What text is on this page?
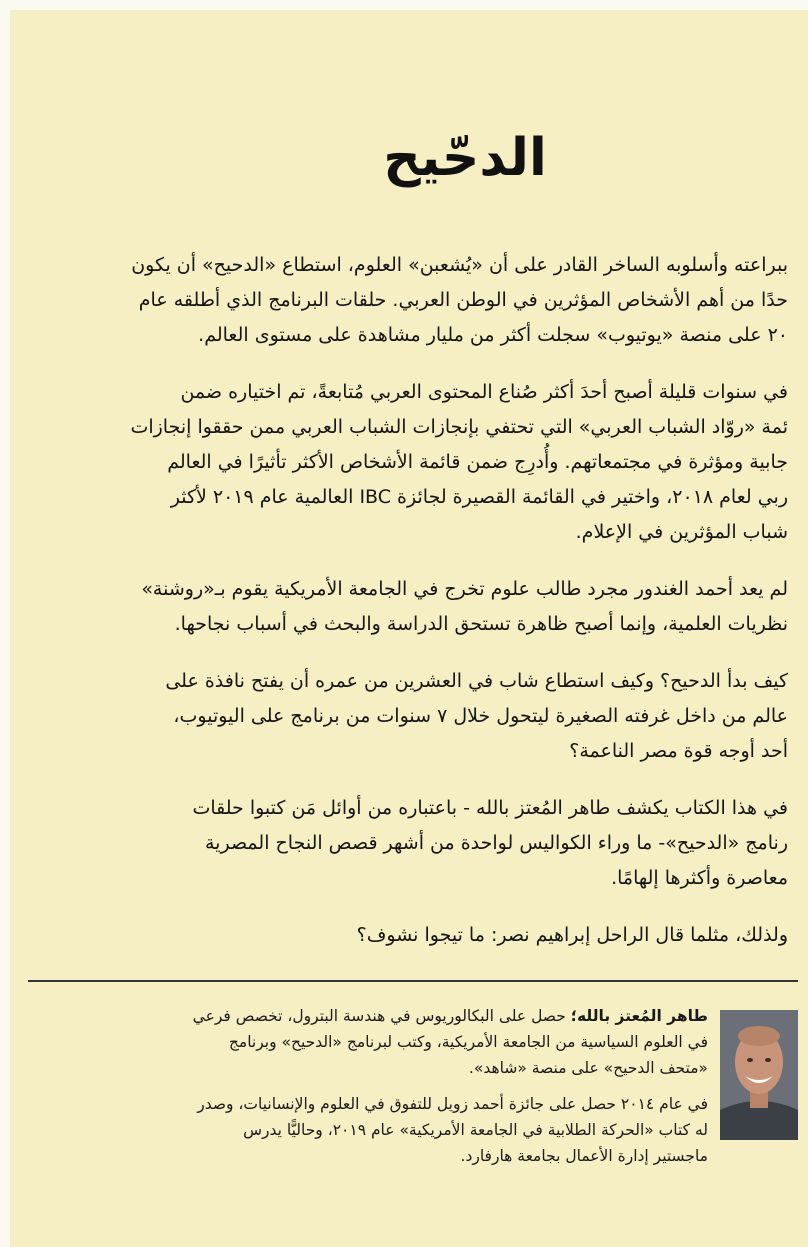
الدحّيح

ببراعته وأسلوبه الساخر القادر على أن «يُشعبن» العلوم، استطاع «الدحيح» أن يكون
حدًا من أهم الأشخاص المؤثرين في الوطن العربي. حلقات البرنامج الذي أطلقه عام
٢٠ على منصة «يوتيوب» سجلت أكثر من مليار مشاهدة على مستوى العالم.

في سنوات قليلة أصبح أحدَ أكثر صُناع المحتوى العربي مُتابعةً، تم اختياره ضمن
ئمة «روّاد الشباب العربي» التي تحتفي بإنجازات الشباب العربي ممن حققوا إنجازات
جابية ومؤثرة في مجتمعاتهم. وأُدرِج ضمن قائمة الأشخاص الأكثر تأثيرًا في العالم
ربي لعام ٢٠١٨، واختير في القائمة القصيرة لجائزة IBC العالمية عام ٢٠١٩ لأكثر
شباب المؤثرين في الإعلام.

لم يعد أحمد الغندور مجرد طالب علوم تخرج في الجامعة الأمريكية يقوم بـ«روشنة»
نظريات العلمية، وإنما أصبح ظاهرة تستحق الدراسة والبحث في أسباب نجاحها.

كيف بدأ الدحيح؟ وكيف استطاع شاب في العشرين من عمره أن يفتح نافذة على
عالم من داخل غرفته الصغيرة ليتحول خلال ٧ سنوات من برنامج على اليوتيوب،
أحد أوجه قوة مصر الناعمة؟

في هذا الكتاب يكشف طاهر المُعتز بالله - باعتباره من أوائل مَن كتبوا حلقات
رنامج «الدحيح»- ما وراء الكواليس لواحدة من أشهر قصص النجاح المصرية
معاصرة وأكثرها إلهامًا.

ولذلك، مثلما قال الراحل إبراهيم نصر: ما تيجوا نشوف؟

طاهر المُعتز بالله؛ حصل على البكالوريوس في هندسة البترول، تخصص فرعي
في العلوم السياسية من الجامعة الأمريكية، وكتب لبرنامج «الدحيح» وبرنامج
«متحف الدحيح» على منصة «شاهد».

في عام ٢٠١٤ حصل على جائزة أحمد زويل للتفوق في العلوم والإنسانيات، وصدر
له كتاب «الحركة الطلابية في الجامعة الأمريكية» عام ٢٠١٩، وحاليًّا يدرس
ماجستير إدارة الأعمال بجامعة هارفارد.
